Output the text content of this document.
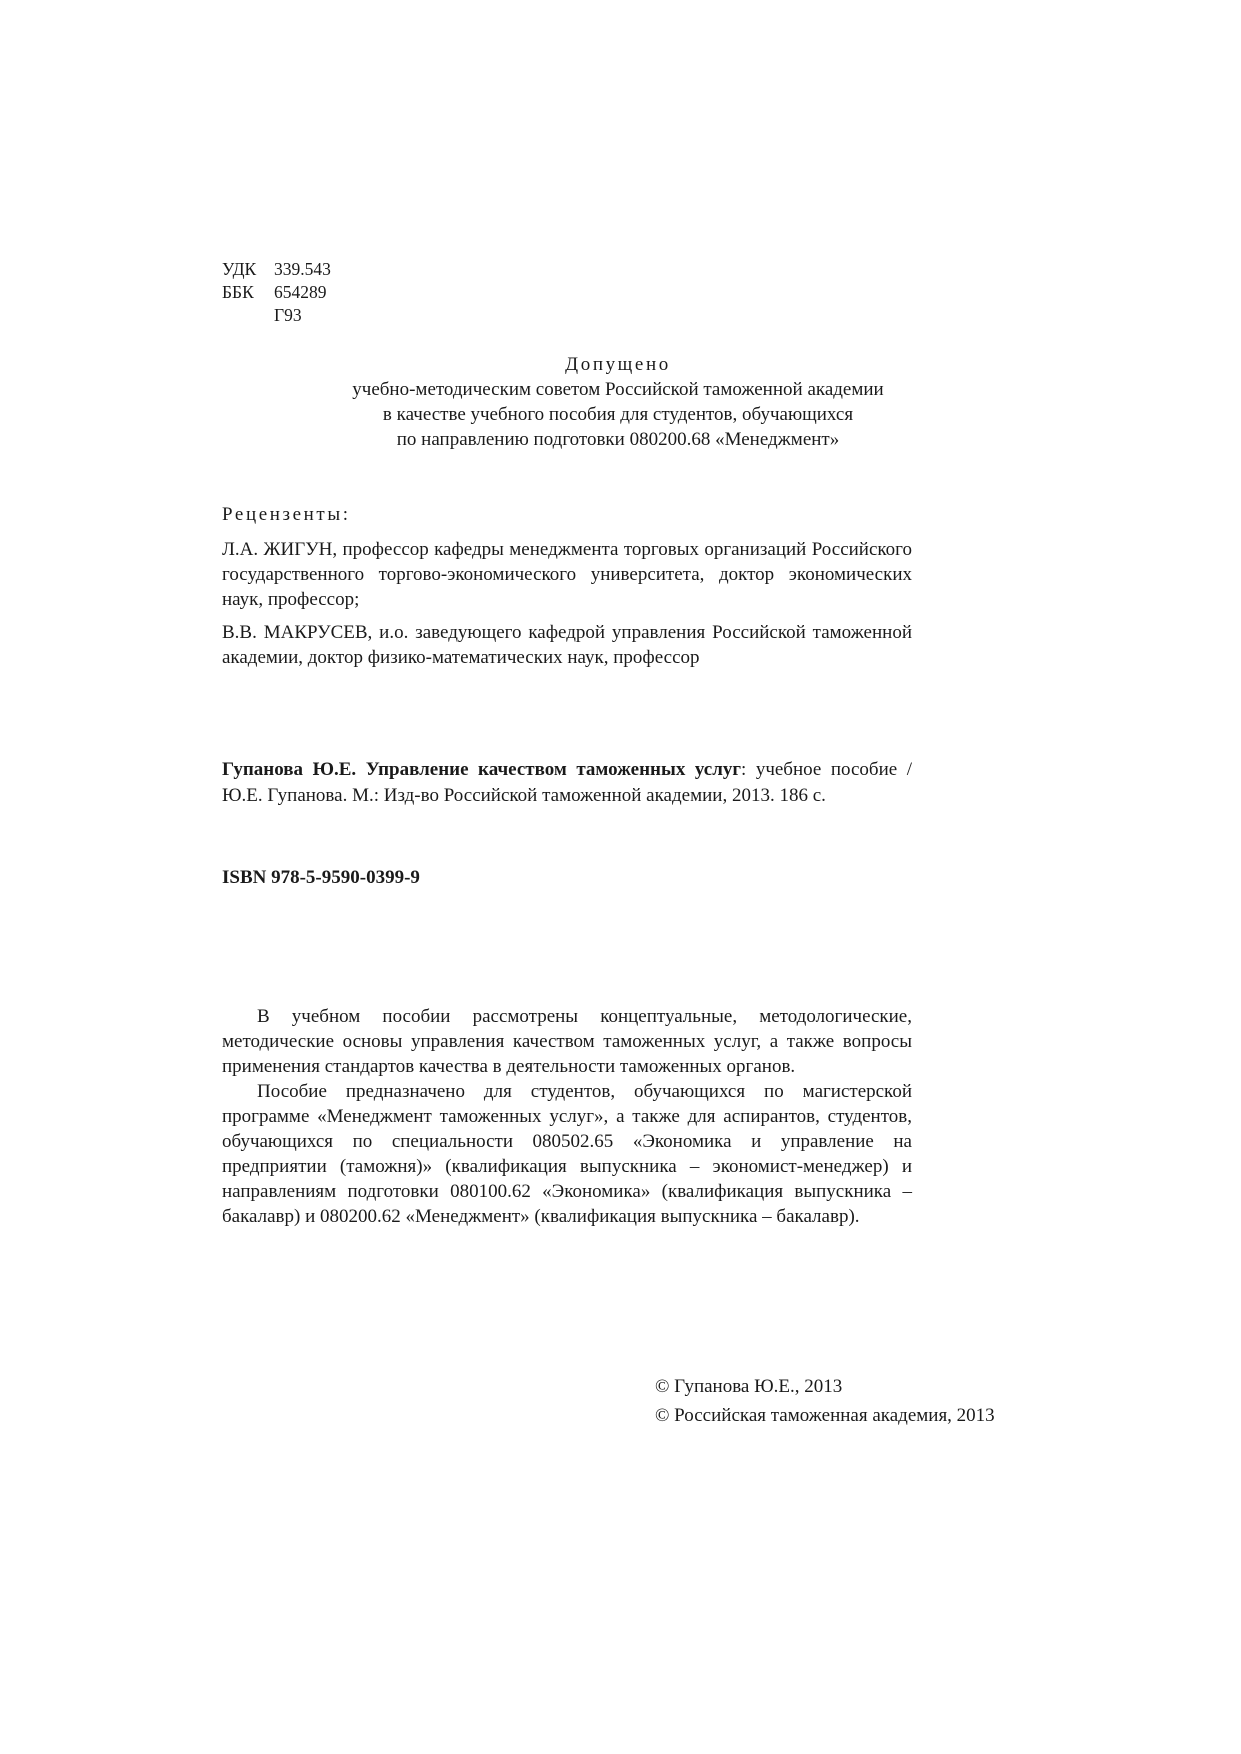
УДК 339.543
ББК 654289
Г93
Допущено
учебно-методическим советом Российской таможенной академии
в качестве учебного пособия для студентов, обучающихся
по направлению подготовки 080200.68 «Менеджмент»
Рецензенты:

Л.А. ЖИГУН, профессор кафедры менеджмента торговых организаций Российского государственного торгово-экономического университета, доктор экономических наук, профессор;

В.В. МАКРУСЕВ, и.о. заведующего кафедрой управления Российской таможенной академии, доктор физико-математических наук, профессор

Гупанова Ю.Е. Управление качеством таможенных услуг: учебное пособие / Ю.Е. Гупанова. М.: Изд-во Российской таможенной академии, 2013. 186 с.
ISBN 978-5-9590-0399-9

В учебном пособии рассмотрены концептуальные, методологические, методические основы управления качеством таможенных услуг, а также вопросы применения стандартов качества в деятельности таможенных органов.

Пособие предназначено для студентов, обучающихся по магистерской программе «Менеджмент таможенных услуг», а также для аспирантов, студентов, обучающихся по специальности 080502.65 «Экономика и управление на предприятии (таможня)» (квалификация выпускника – экономист-менеджер) и направлениям подготовки 080100.62 «Экономика» (квалификация выпускника – бакалавр) и 080200.62 «Менеджмент» (квалификация выпускника – бакалавр).

© Гупанова Ю.Е., 2013
© Российская таможенная академия, 2013
